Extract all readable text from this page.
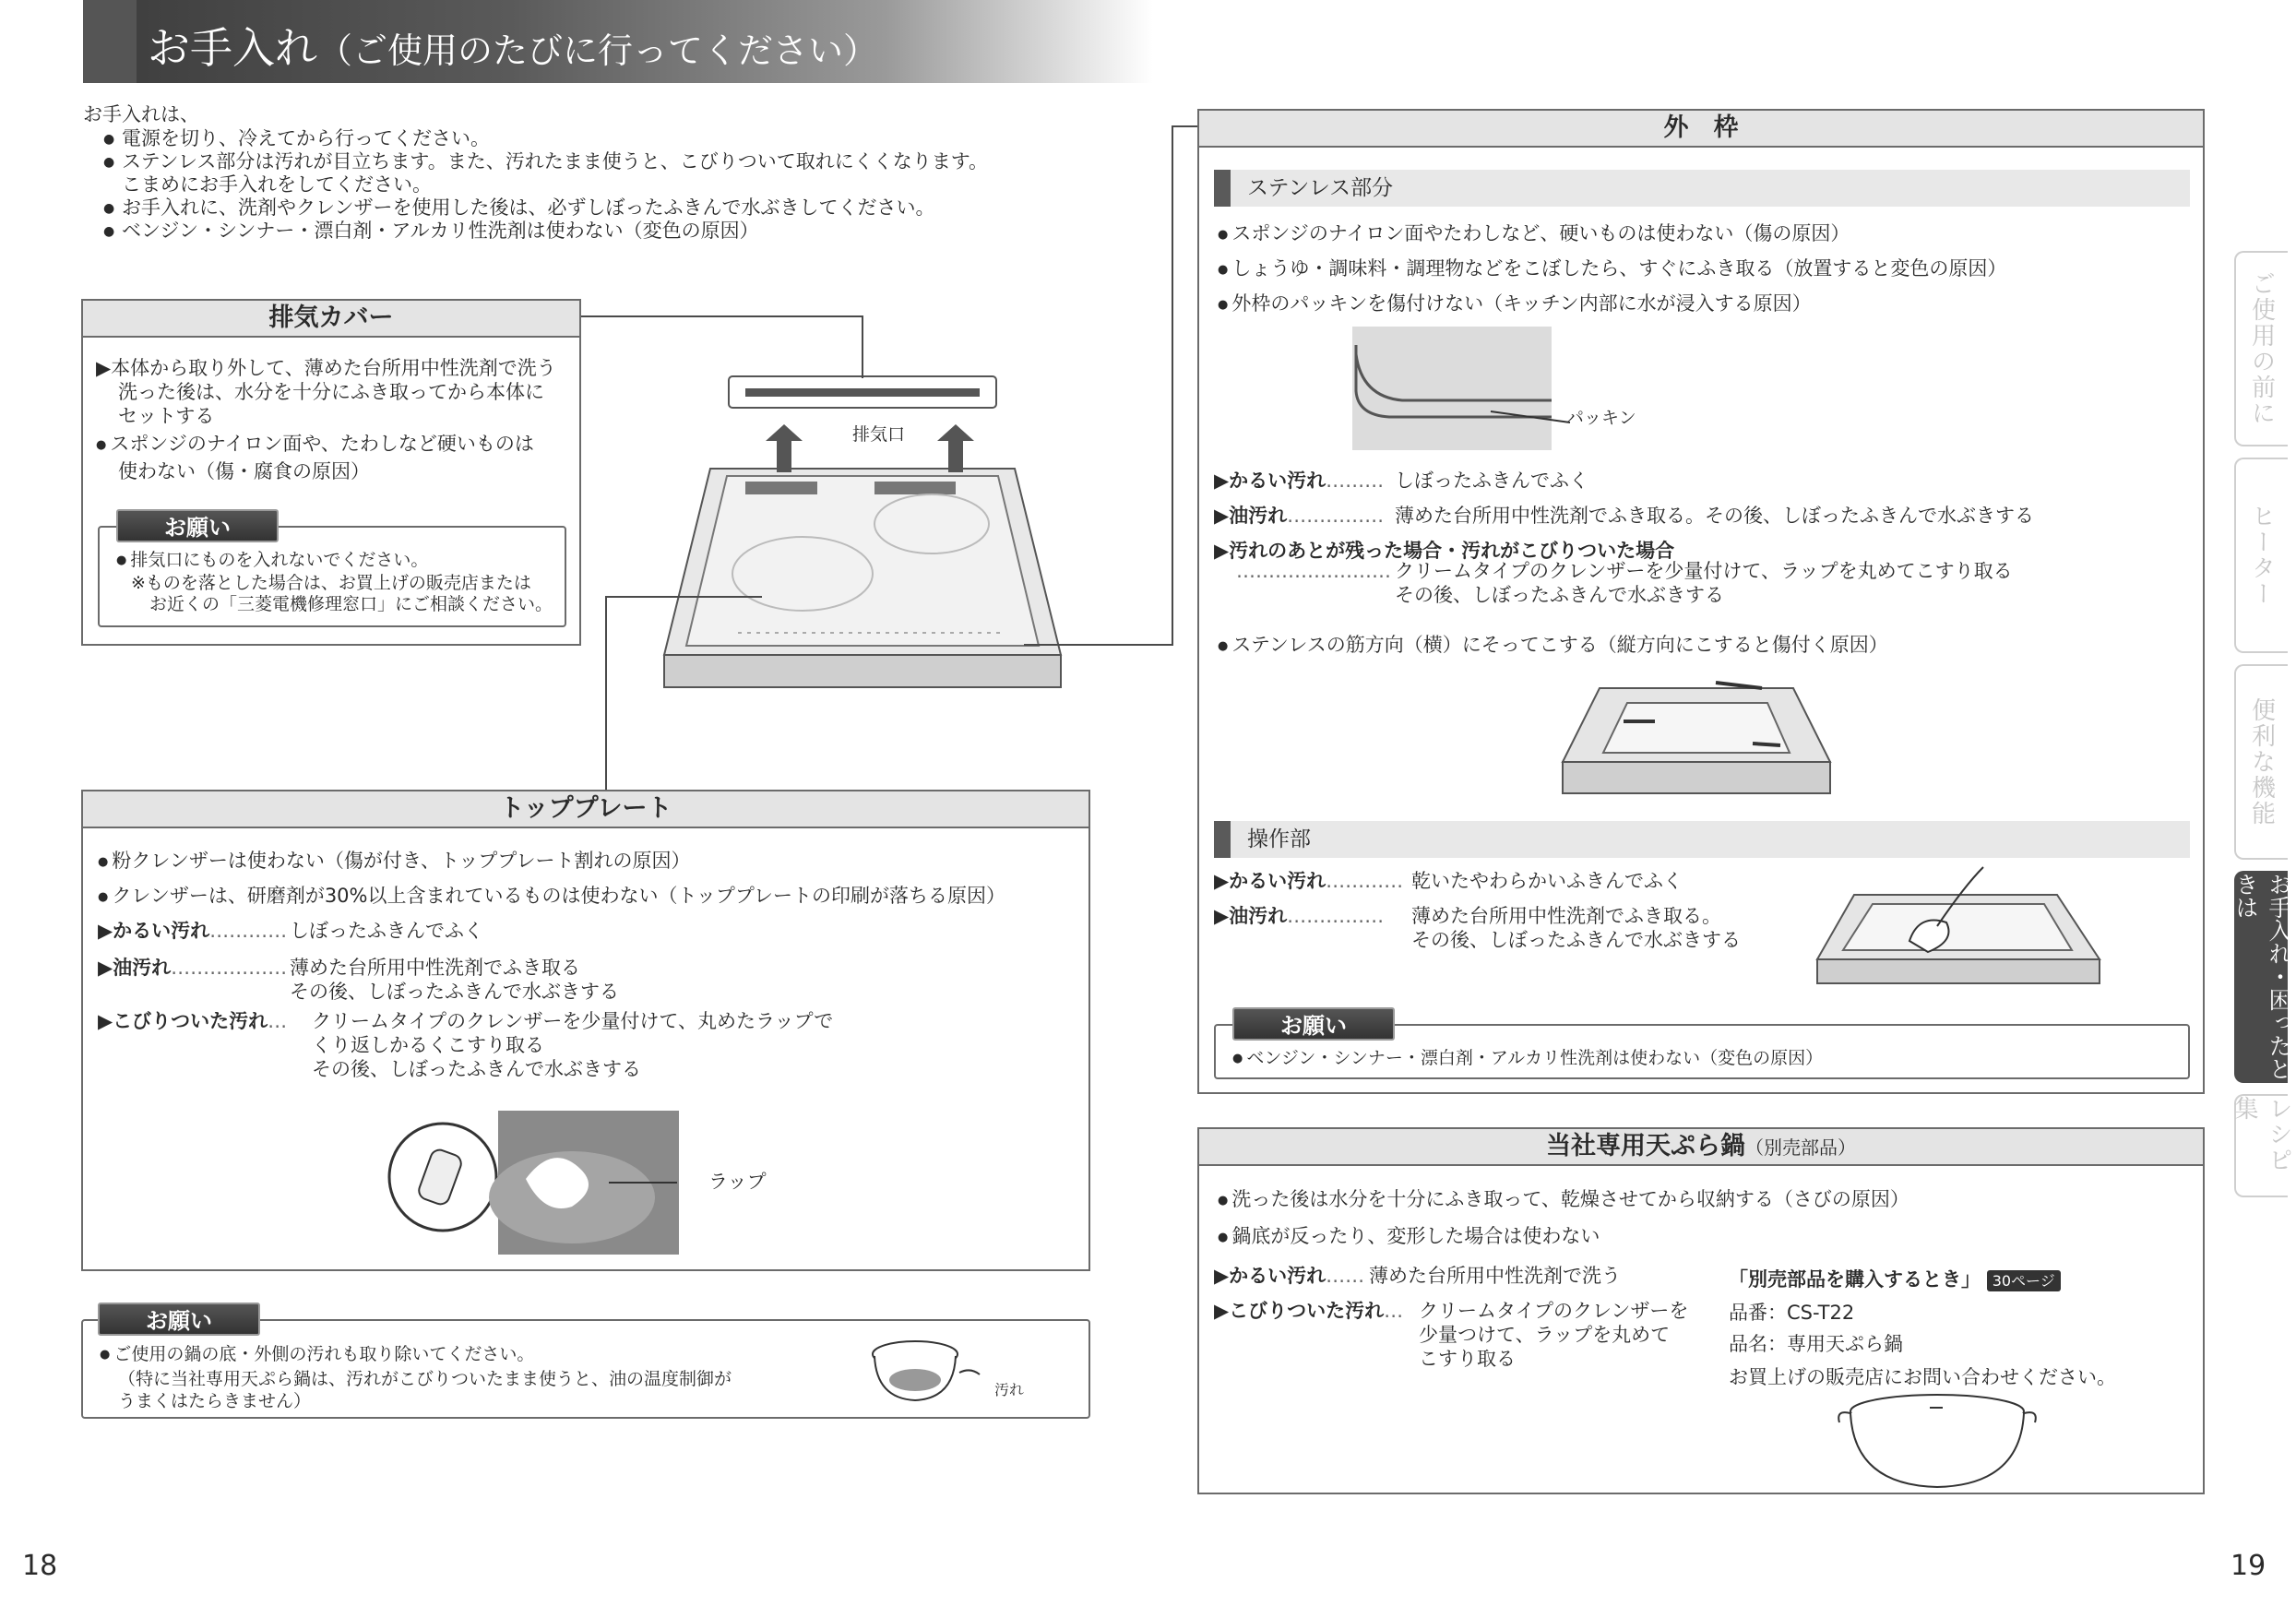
お手入れ（ご使用のたびに行ってください）
お手入れは、
● 電源を切り、冷えてから行ってください。
● ステンレス部分は汚れが目立ちます。また、汚れたまま使うと、こびりついて取れにくくなります。
こまめにお手入れをしてください。
● お手入れに、洗剤やクレンザーを使用した後は、必ずしぼったふきんで水ぶきしてください。
● ベンジン・シンナー・漂白剤・アルカリ性洗剤は使わない（変色の原因）
排気カバー
▶本体から取り外して、薄めた台所用中性洗剤で洗う
洗った後は、水分を十分にふき取ってから本体に
セットする
● スポンジのナイロン面や、たわしなど硬いものは
使わない（傷・腐食の原因）
● 排気口にものを入れないでください。
※ものを落とした場合は、お買上げの販売店または
お近くの「三菱電機修理窓口」にご相談ください。
お願い
排気口
トッププレート
● 粉クレンザーは使わない（傷が付き、トッププレート割れの原因）
● クレンザーは、研磨剤が30%以上含まれているものは使わない（トッププレートの印刷が落ちる原因）
▶かるい汚れ………… しぼったふきんでふく
▶油汚れ……………… 薄めた台所用中性洗剤でふき取る
その後、しぼったふきんで水ぶきする
▶こびりついた汚れ… クリームタイプのクレンザーを少量付けて、丸めたラップで
くり返しかるくこすり取る
その後、しぼったふきんで水ぶきする
ラップ
● ご使用の鍋の底・外側の汚れも取り除いてください。
（特に当社専用天ぷら鍋は、汚れがこびりついたまま使うと、油の温度制御が
うまくはたらきません）
汚れ
お願い
外　枠
ステンレス部分
● スポンジのナイロン面やたわしなど、硬いものは使わない（傷の原因）
● しょうゆ・調味料・調理物などをこぼしたら、すぐにふき取る（放置すると変色の原因）
● 外枠のパッキンを傷付けない（キッチン内部に水が浸入する原因）
パッキン
▶かるい汚れ……… しぼったふきんでふく
▶油汚れ…………… 薄めた台所用中性洗剤でふき取る。その後、しぼったふきんで水ぶきする
▶汚れのあとが残った場合・汚れがこびりついた場合
…………………… クリームタイプのクレンザーを少量付けて、ラップを丸めてこすり取る
その後、しぼったふきんで水ぶきする
● ステンレスの筋方向（横）にそってこする（縦方向にこすると傷付く原因）
操作部
▶かるい汚れ………… 乾いたやわらかいふきんでふく
▶油汚れ…………… 薄めた台所用中性洗剤でふき取る。
その後、しぼったふきんで水ぶきする
● ベンジン・シンナー・漂白剤・アルカリ性洗剤は使わない（変色の原因）
お願い
当社専用天ぷら鍋（別売部品）
● 洗った後は水分を十分にふき取って、乾燥させてから収納する（さびの原因）
● 鍋底が反ったり、変形した場合は使わない
▶かるい汚れ…… 薄めた台所用中性洗剤で洗う
▶こびりついた汚れ… クリームタイプのクレンザーを
少量つけて、ラップを丸めて
こすり取る
「別売部品を購入するとき」 30ページ
品番：CS-T22
品名：専用天ぷら鍋
お買上げの販売店にお問い合わせください。
ご使用の前に
ヒーター
便利な機能
お手入れ・困ったときは
レシピ集
18	19
